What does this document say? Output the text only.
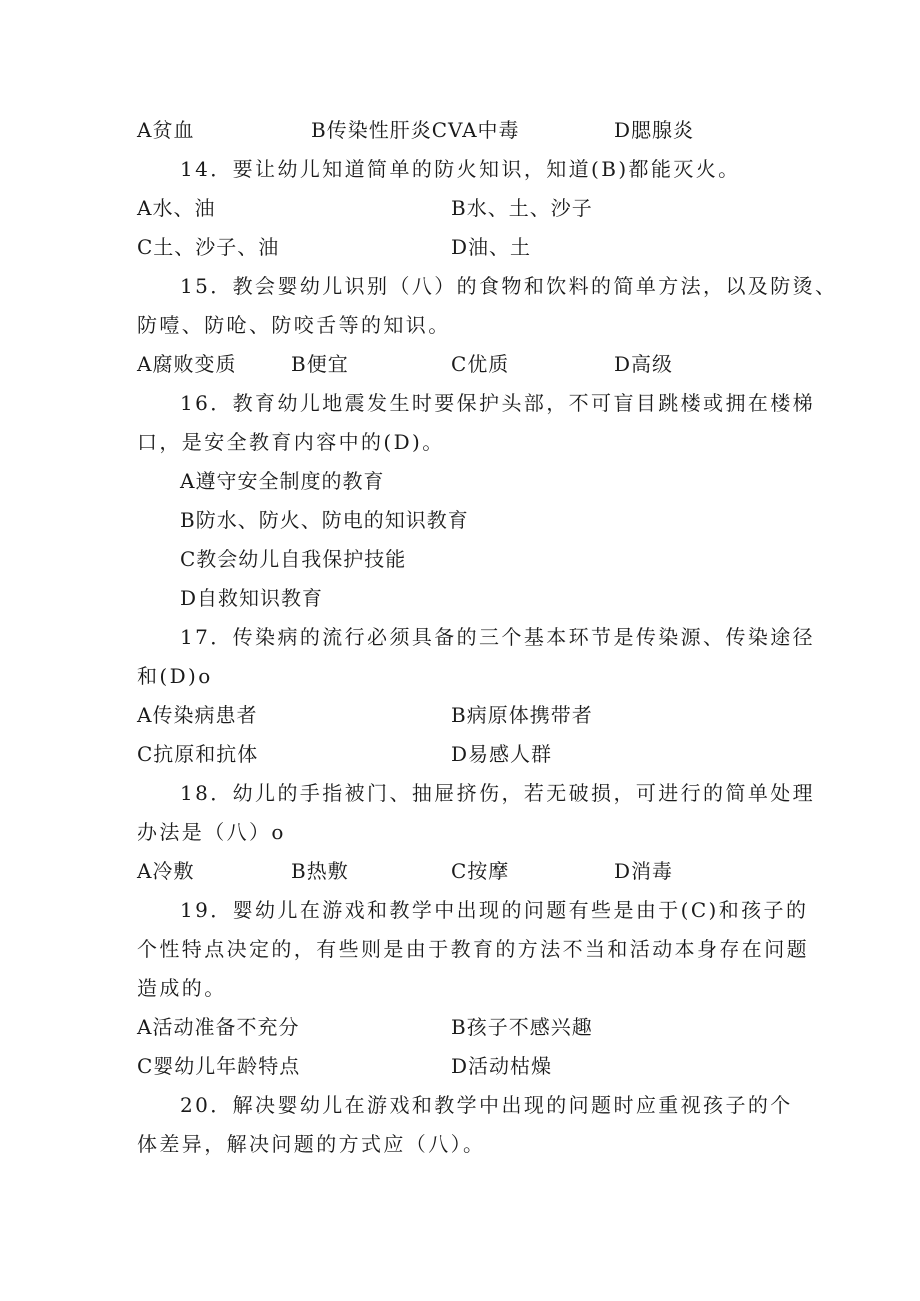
A贫血	B传染性肝炎CVA中毒	D腮腺炎
14．要让幼儿知道简单的防火知识，知道(B)都能灭火。
A水、油	B水、土、沙子
C土、沙子、油	D油、土
15．教会婴幼儿识别（八）的食物和饮料的简单方法，以及防烫、
防噎、防呛、防咬舌等的知识。
A腐败变质	B便宜	C优质	D高级
16．教育幼儿地震发生时要保护头部，不可盲目跳楼或拥在楼梯
口，是安全教育内容中的(D)。
A遵守安全制度的教育
B防水、防火、防电的知识教育
C教会幼儿自我保护技能
D自救知识教育
17．传染病的流行必须具备的三个基本环节是传染源、传染途径
和(D)o
A传染病患者	B病原体携带者
C抗原和抗体	D易感人群
18．幼儿的手指被门、抽屉挤伤，若无破损，可进行的简单处理
办法是（八）o
A冷敷	B热敷	C按摩	D消毒
19．婴幼儿在游戏和教学中出现的问题有些是由于(C)和孩子的
个性特点决定的，有些则是由于教育的方法不当和活动本身存在问题
造成的。
A活动准备不充分	B孩子不感兴趣
C婴幼儿年龄特点	D活动枯燥
20．解决婴幼儿在游戏和教学中出现的问题时应重视孩子的个
体差异，解决问题的方式应（八）。
